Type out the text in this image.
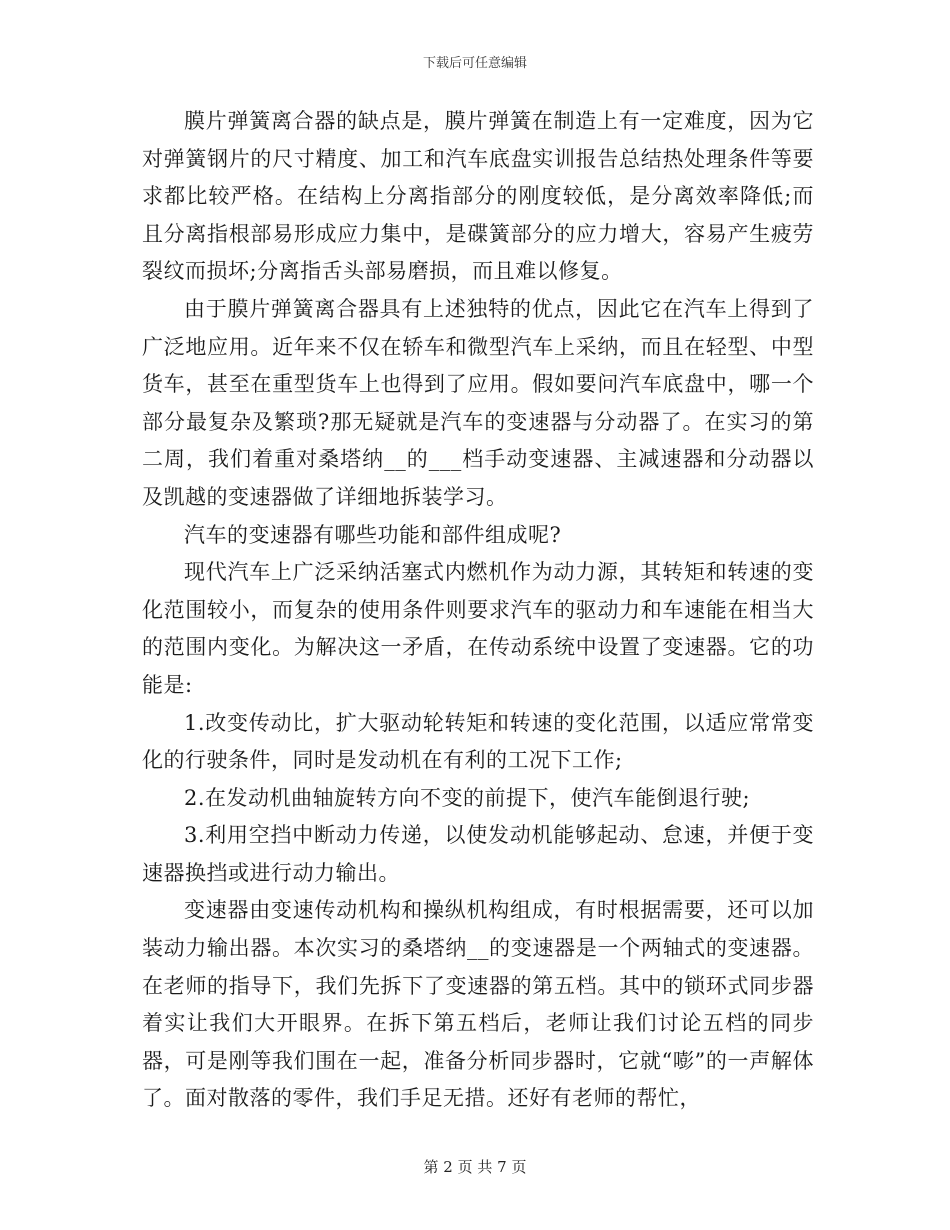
下载后可任意编辑

膜片弹簧离合器的缺点是，膜片弹簧在制造上有一定难度，因为它对弹簧钢片的尺寸精度、加工和汽车底盘实训报告总结热处理条件等要求都比较严格。在结构上分离指部分的刚度较低，是分离效率降低;而且分离指根部易形成应力集中，是碟簧部分的应力增大，容易产生疲劳裂纹而损坏;分离指舌头部易磨损，而且难以修复。

由于膜片弹簧离合器具有上述独特的优点，因此它在汽车上得到了广泛地应用。近年来不仅在轿车和微型汽车上采纳，而且在轻型、中型货车，甚至在重型货车上也得到了应用。假如要问汽车底盘中，哪一个部分最复杂及繁琐?那无疑就是汽车的变速器与分动器了。在实习的第二周，我们着重对桑塔纳__的___档手动变速器、主减速器和分动器以及凯越的变速器做了详细地拆装学习。

汽车的变速器有哪些功能和部件组成呢?

现代汽车上广泛采纳活塞式内燃机作为动力源，其转矩和转速的变化范围较小，而复杂的使用条件则要求汽车的驱动力和车速能在相当大的范围内变化。为解决这一矛盾，在传动系统中设置了变速器。它的功能是:

1.改变传动比，扩大驱动轮转矩和转速的变化范围，以适应常常变化的行驶条件，同时是发动机在有利的工况下工作;

2.在发动机曲轴旋转方向不变的前提下，使汽车能倒退行驶;

3.利用空挡中断动力传递，以使发动机能够起动、怠速，并便于变速器换挡或进行动力输出。

变速器由变速传动机构和操纵机构组成，有时根据需要，还可以加装动力输出器。本次实习的桑塔纳__的变速器是一个两轴式的变速器。在老师的指导下，我们先拆下了变速器的第五档。其中的锁环式同步器着实让我们大开眼界。在拆下第五档后，老师让我们讨论五档的同步器，可是刚等我们围在一起，准备分析同步器时，它就“嘭”的一声解体了。面对散落的零件，我们手足无措。还好有老师的帮忙，

第 2 页 共 7 页
